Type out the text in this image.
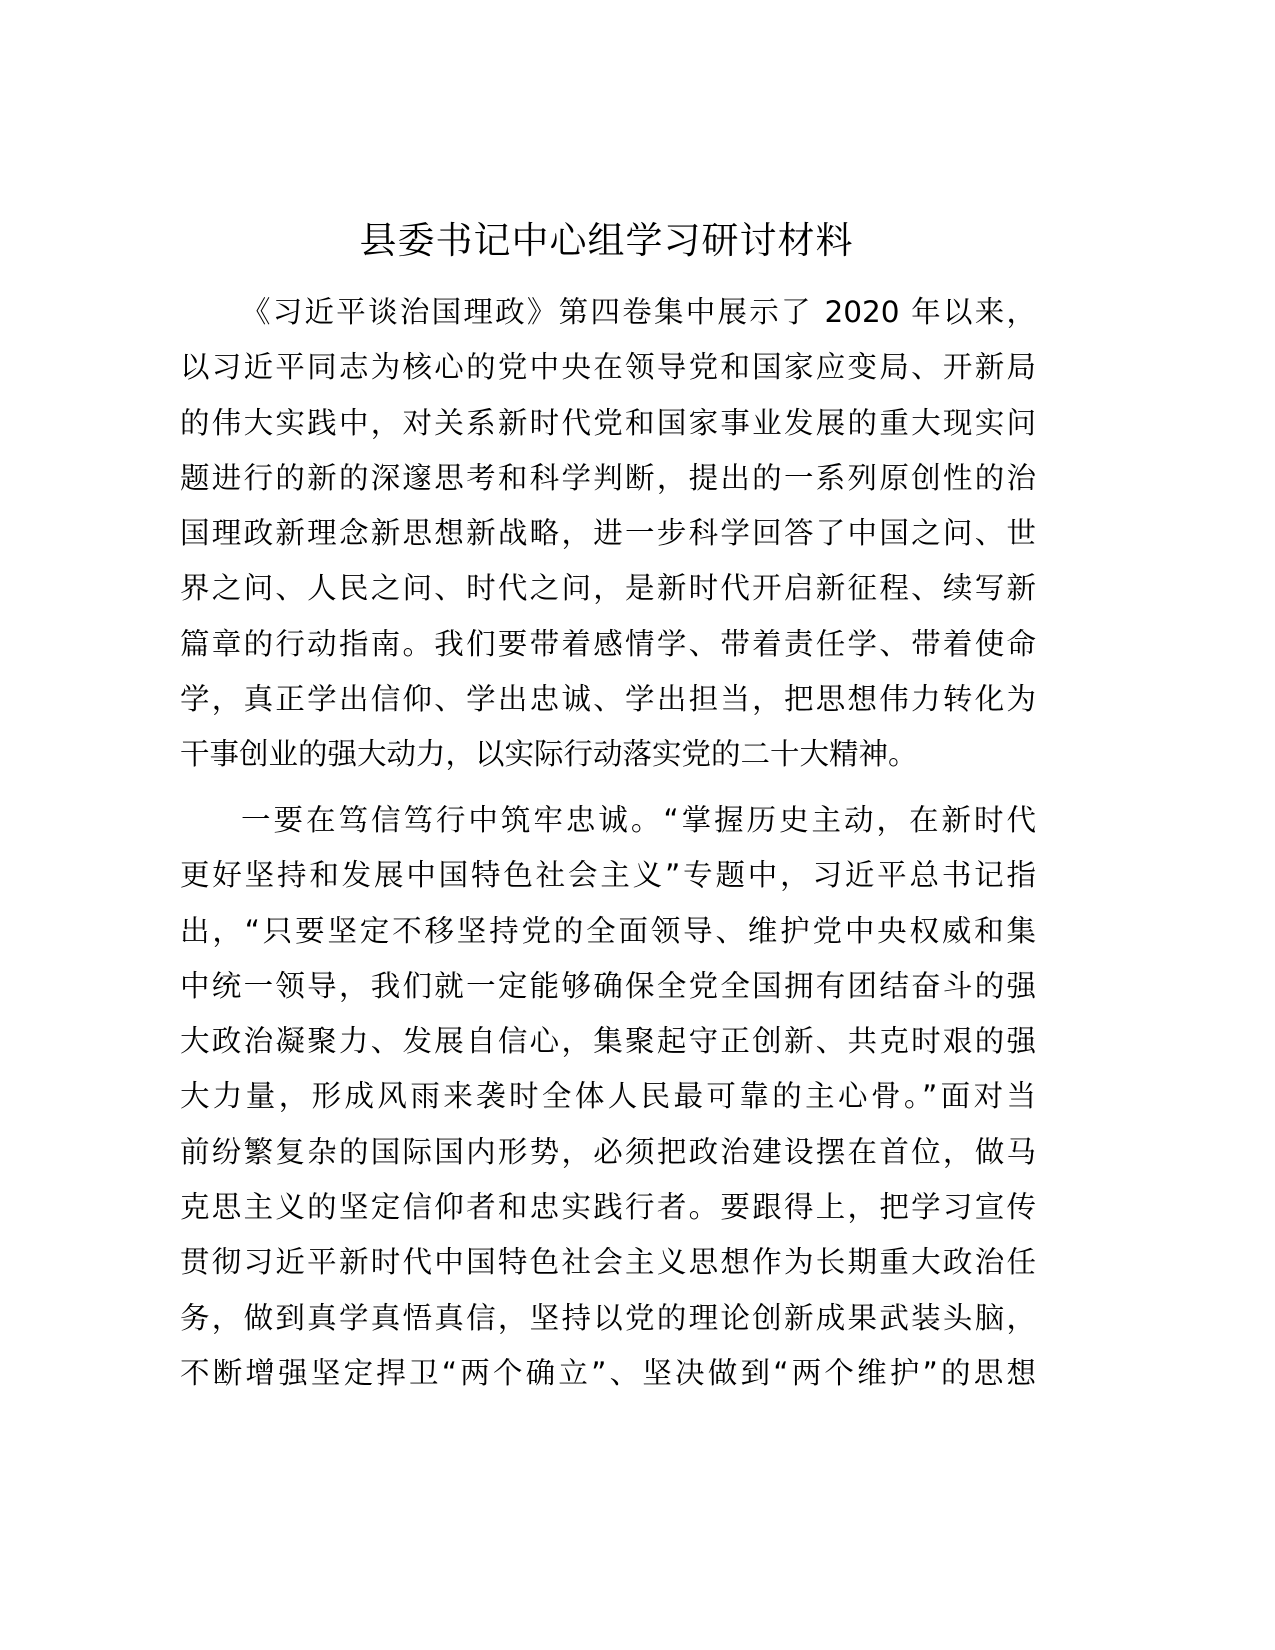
县委书记中心组学习研讨材料
《习近平谈治国理政》第四卷集中展示了 2020 年以来，
以习近平同志为核心的党中央在领导党和国家应变局、开新局
的伟大实践中，对关系新时代党和国家事业发展的重大现实问
题进行的新的深邃思考和科学判断，提出的一系列原创性的治
国理政新理念新思想新战略，进一步科学回答了中国之问、世
界之问、人民之问、时代之问，是新时代开启新征程、续写新
篇章的行动指南。我们要带着感情学、带着责任学、带着使命
学，真正学出信仰、学出忠诚、学出担当，把思想伟力转化为
干事创业的强大动力，以实际行动落实党的二十大精神。
一要在笃信笃行中筑牢忠诚。“掌握历史主动，在新时代
更好坚持和发展中国特色社会主义”专题中，习近平总书记指
出，“只要坚定不移坚持党的全面领导、维护党中央权威和集
中统一领导，我们就一定能够确保全党全国拥有团结奋斗的强
大政治凝聚力、发展自信心，集聚起守正创新、共克时艰的强
大力量，形成风雨来袭时全体人民最可靠的主心骨。”面对当
前纷繁复杂的国际国内形势，必须把政治建设摆在首位，做马
克思主义的坚定信仰者和忠实践行者。要跟得上，把学习宣传
贯彻习近平新时代中国特色社会主义思想作为长期重大政治任
务，做到真学真悟真信，坚持以党的理论创新成果武装头脑，
不断增强坚定捍卫“两个确立”、坚决做到“两个维护”的思想
